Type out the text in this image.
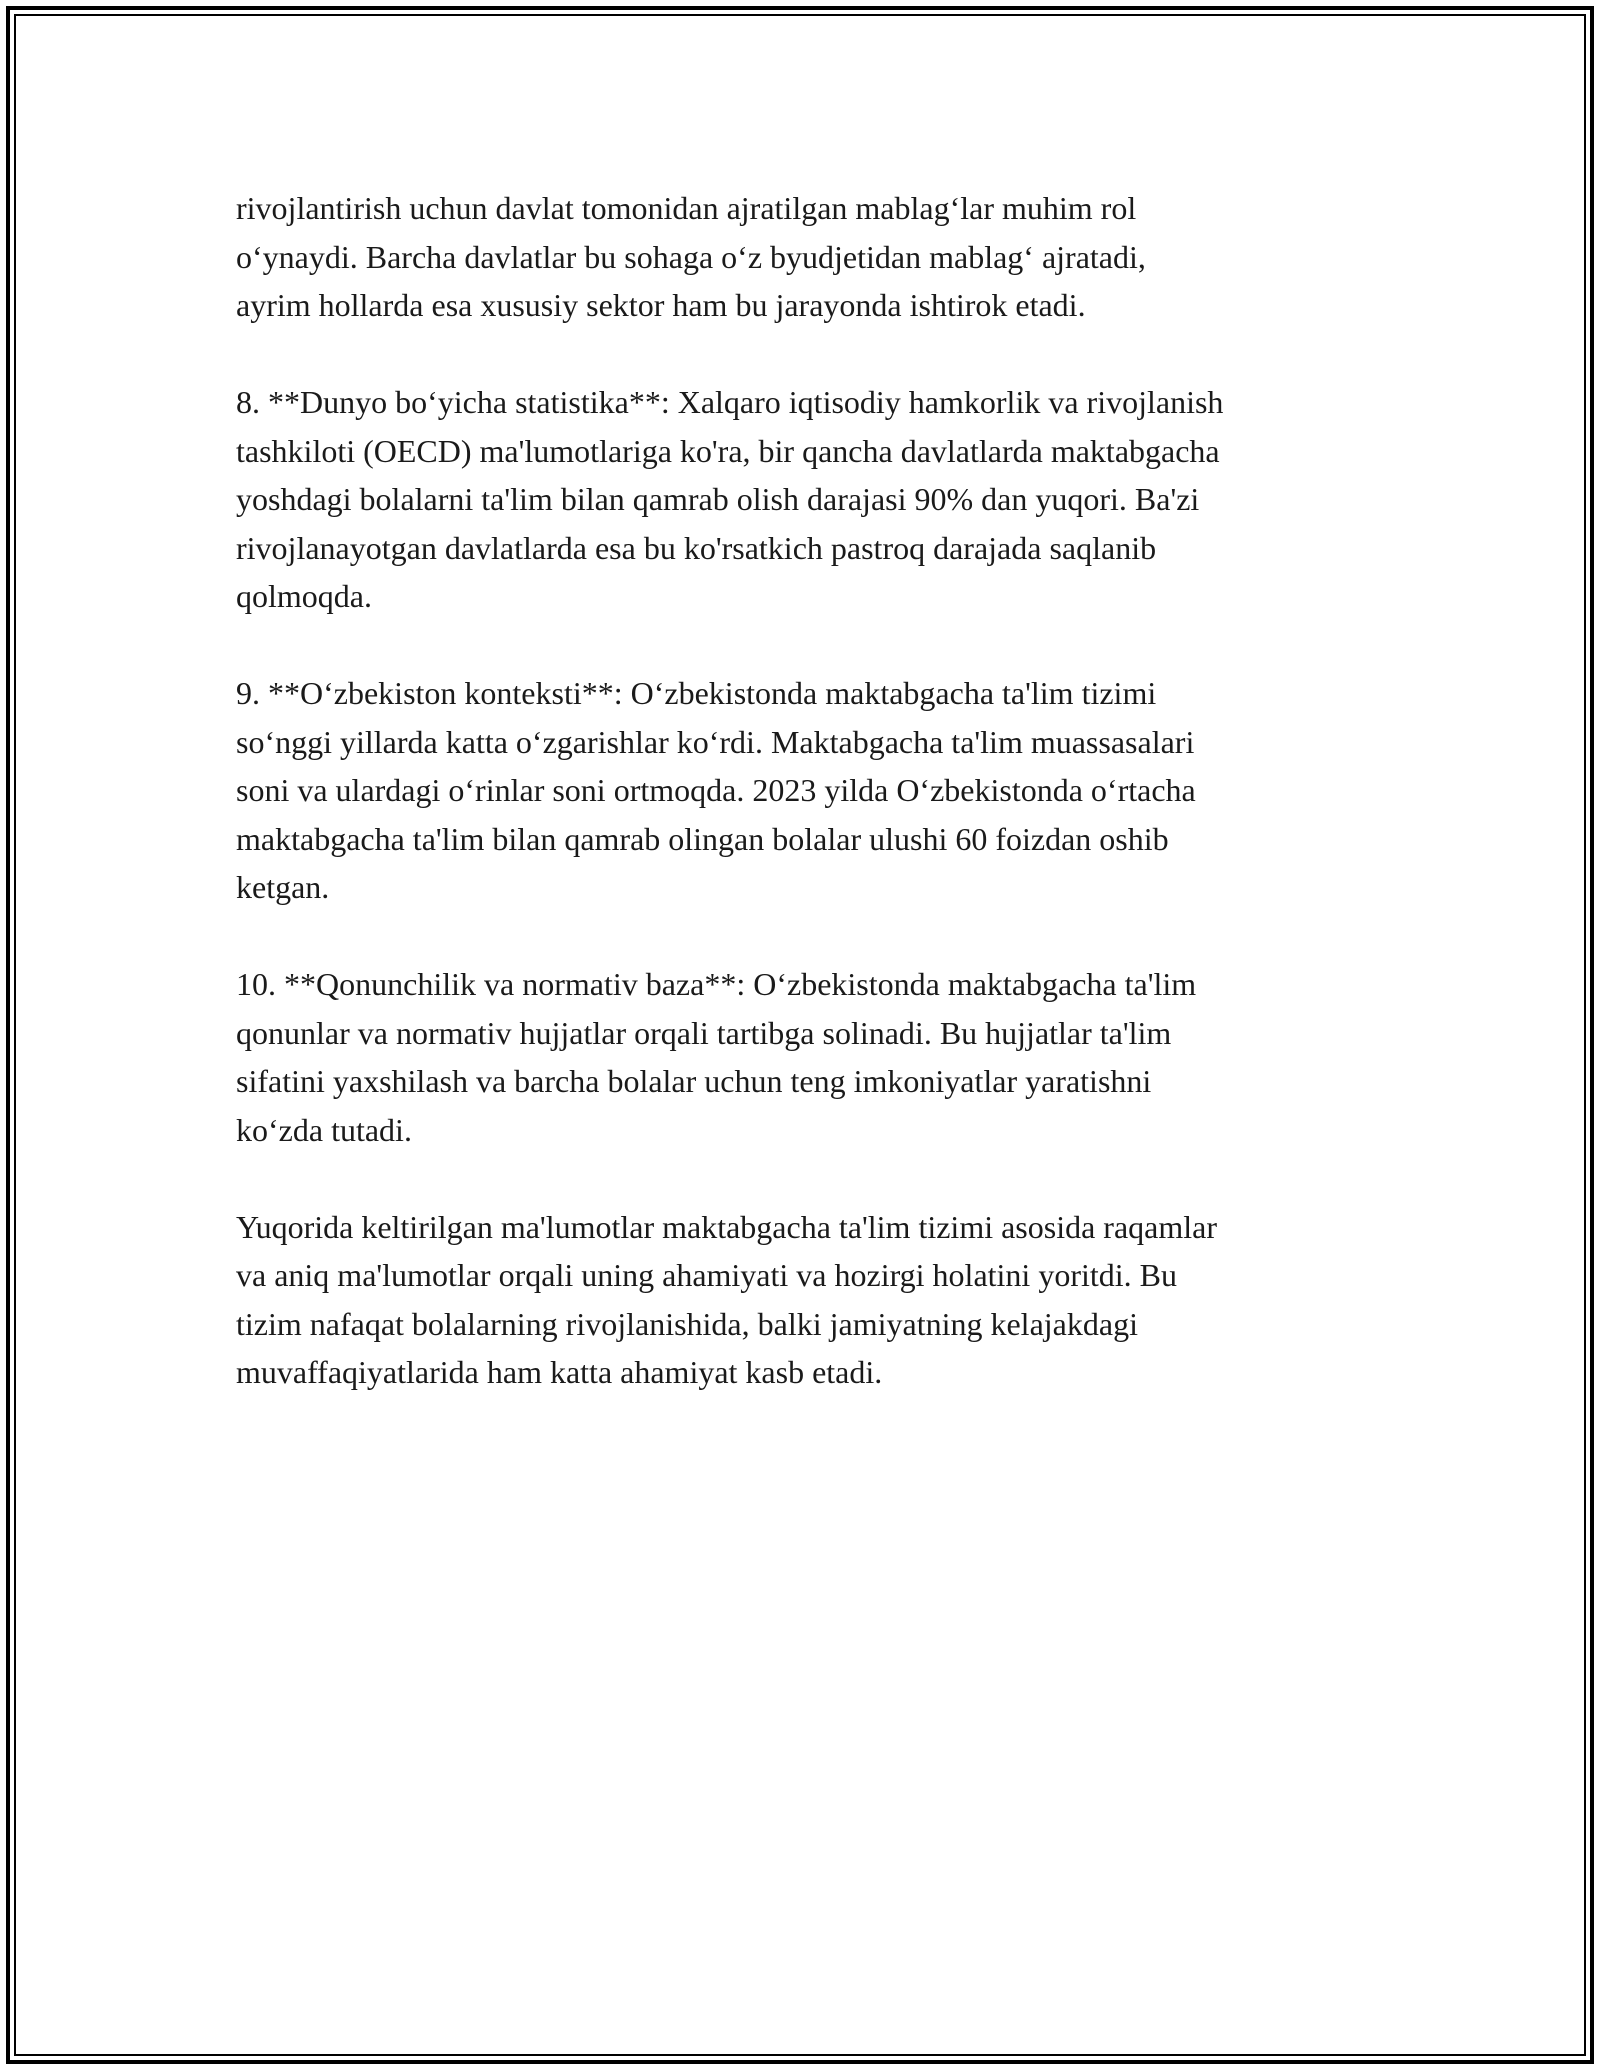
rivojlantirish uchun davlat tomonidan ajratilgan mablag‘lar muhim rol
o‘ynaydi. Barcha davlatlar bu sohaga o‘z byudjetidan mablag‘ ajratadi,
ayrim hollarda esa xususiy sektor ham bu jarayonda ishtirok etadi.

8. **Dunyo bo‘yicha statistika**: Xalqaro iqtisodiy hamkorlik va rivojlanish
tashkiloti (OECD) ma'lumotlariga ko'ra, bir qancha davlatlarda maktabgacha
yoshdagi bolalarni ta'lim bilan qamrab olish darajasi 90% dan yuqori. Ba'zi
rivojlanayotgan davlatlarda esa bu ko'rsatkich pastroq darajada saqlanib
qolmoqda.

9. **O‘zbekiston konteksti**: O‘zbekistonda maktabgacha ta'lim tizimi
so‘nggi yillarda katta o‘zgarishlar ko‘rdi. Maktabgacha ta'lim muassasalari
soni va ulardagi o‘rinlar soni ortmoqda. 2023 yilda O‘zbekistonda o‘rtacha
maktabgacha ta'lim bilan qamrab olingan bolalar ulushi 60 foizdan oshib
ketgan.

10. **Qonunchilik va normativ baza**: O‘zbekistonda maktabgacha ta'lim
qonunlar va normativ hujjatlar orqali tartibga solinadi. Bu hujjatlar ta'lim
sifatini yaxshilash va barcha bolalar uchun teng imkoniyatlar yaratishni
ko‘zda tutadi.

Yuqorida keltirilgan ma'lumotlar maktabgacha ta'lim tizimi asosida raqamlar
va aniq ma'lumotlar orqali uning ahamiyati va hozirgi holatini yoritdi. Bu
tizim nafaqat bolalarning rivojlanishida, balki jamiyatning kelajakdagi
muvaffaqiyatlarida ham katta ahamiyat kasb etadi.
